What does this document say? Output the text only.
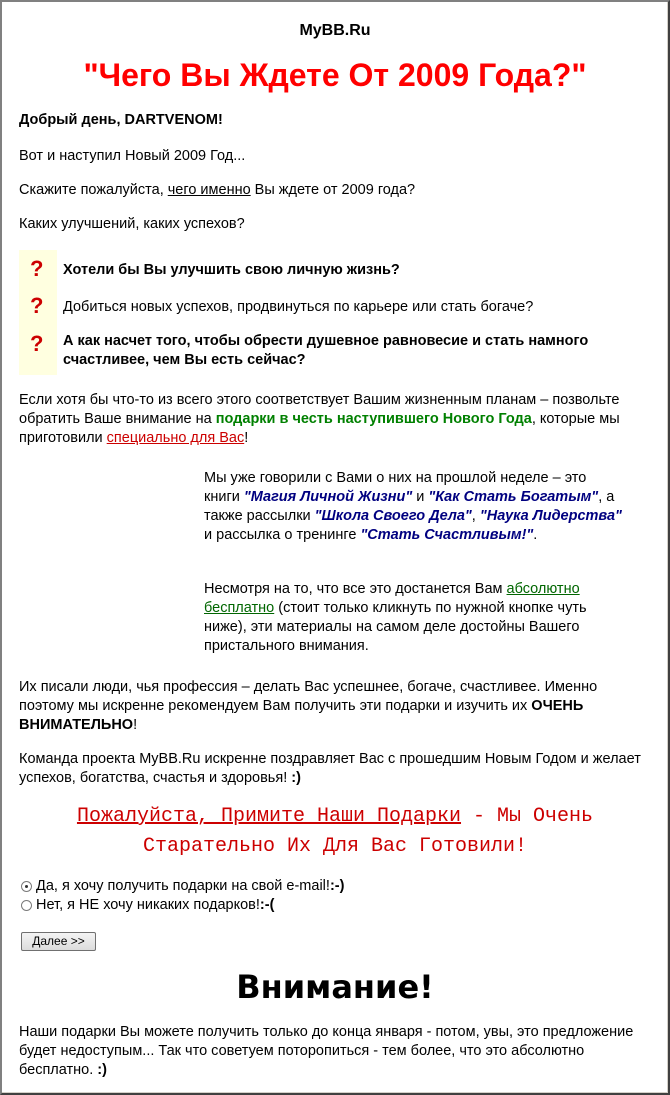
MyBB.Ru
"Чего Вы Ждете От 2009 Года?"

Добрый день, DARTVENOM!

Вот и наступил Новый 2009 Год...

Скажите пожалуйста, чего именно Вы ждете от 2009 года?

Каких улучшений, каких успехов?

? Хотели бы Вы улучшить свою личную жизнь?
? Добиться новых успехов, продвинуться по карьере или стать богаче?
? А как насчет того, чтобы обрести душевное равновесие и стать намного счастливее, чем Вы есть сейчас?

Если хотя бы что-то из всего этого соответствует Вашим жизненным планам – позвольте обратить Ваше внимание на подарки в честь наступившего Нового Года, которые мы приготовили специально для Вас!

Мы уже говорили с Вами о них на прошлой неделе – это книги "Магия Личной Жизни" и "Как Стать Богатым", а также рассылки "Школа Своего Дела", "Наука Лидерства" и рассылка о тренинге "Стать Счастливым!".

Несмотря на то, что все это достанется Вам абсолютно бесплатно (стоит только кликнуть по нужной кнопке чуть ниже), эти материалы на самом деле достойны Вашего пристального внимания.

Их писали люди, чья профессия – делать Вас успешнее, богаче, счастливее. Именно поэтому мы искренне рекомендуем Вам получить эти подарки и изучить их ОЧЕНЬ ВНИМАТЕЛЬНО!

Команда проекта MyBB.Ru искренне поздравляет Вас с прошедшим Новым Годом и желает успехов, богатства, счастья и здоровья! :)

Пожалуйста, Примите Наши Подарки - Мы Очень Старательно Их Для Вас Готовили!
Да, я хочу получить подарки на свой e-mail! :-)
Нет, я НЕ хочу никаких подарков! :-(
Далее >>
Внимание!

Наши подарки Вы можете получить только до конца января - потом, увы, это предложение будет недоступым... Так что советуем поторопиться - тем более, что это абсолютно бесплатно. :)
